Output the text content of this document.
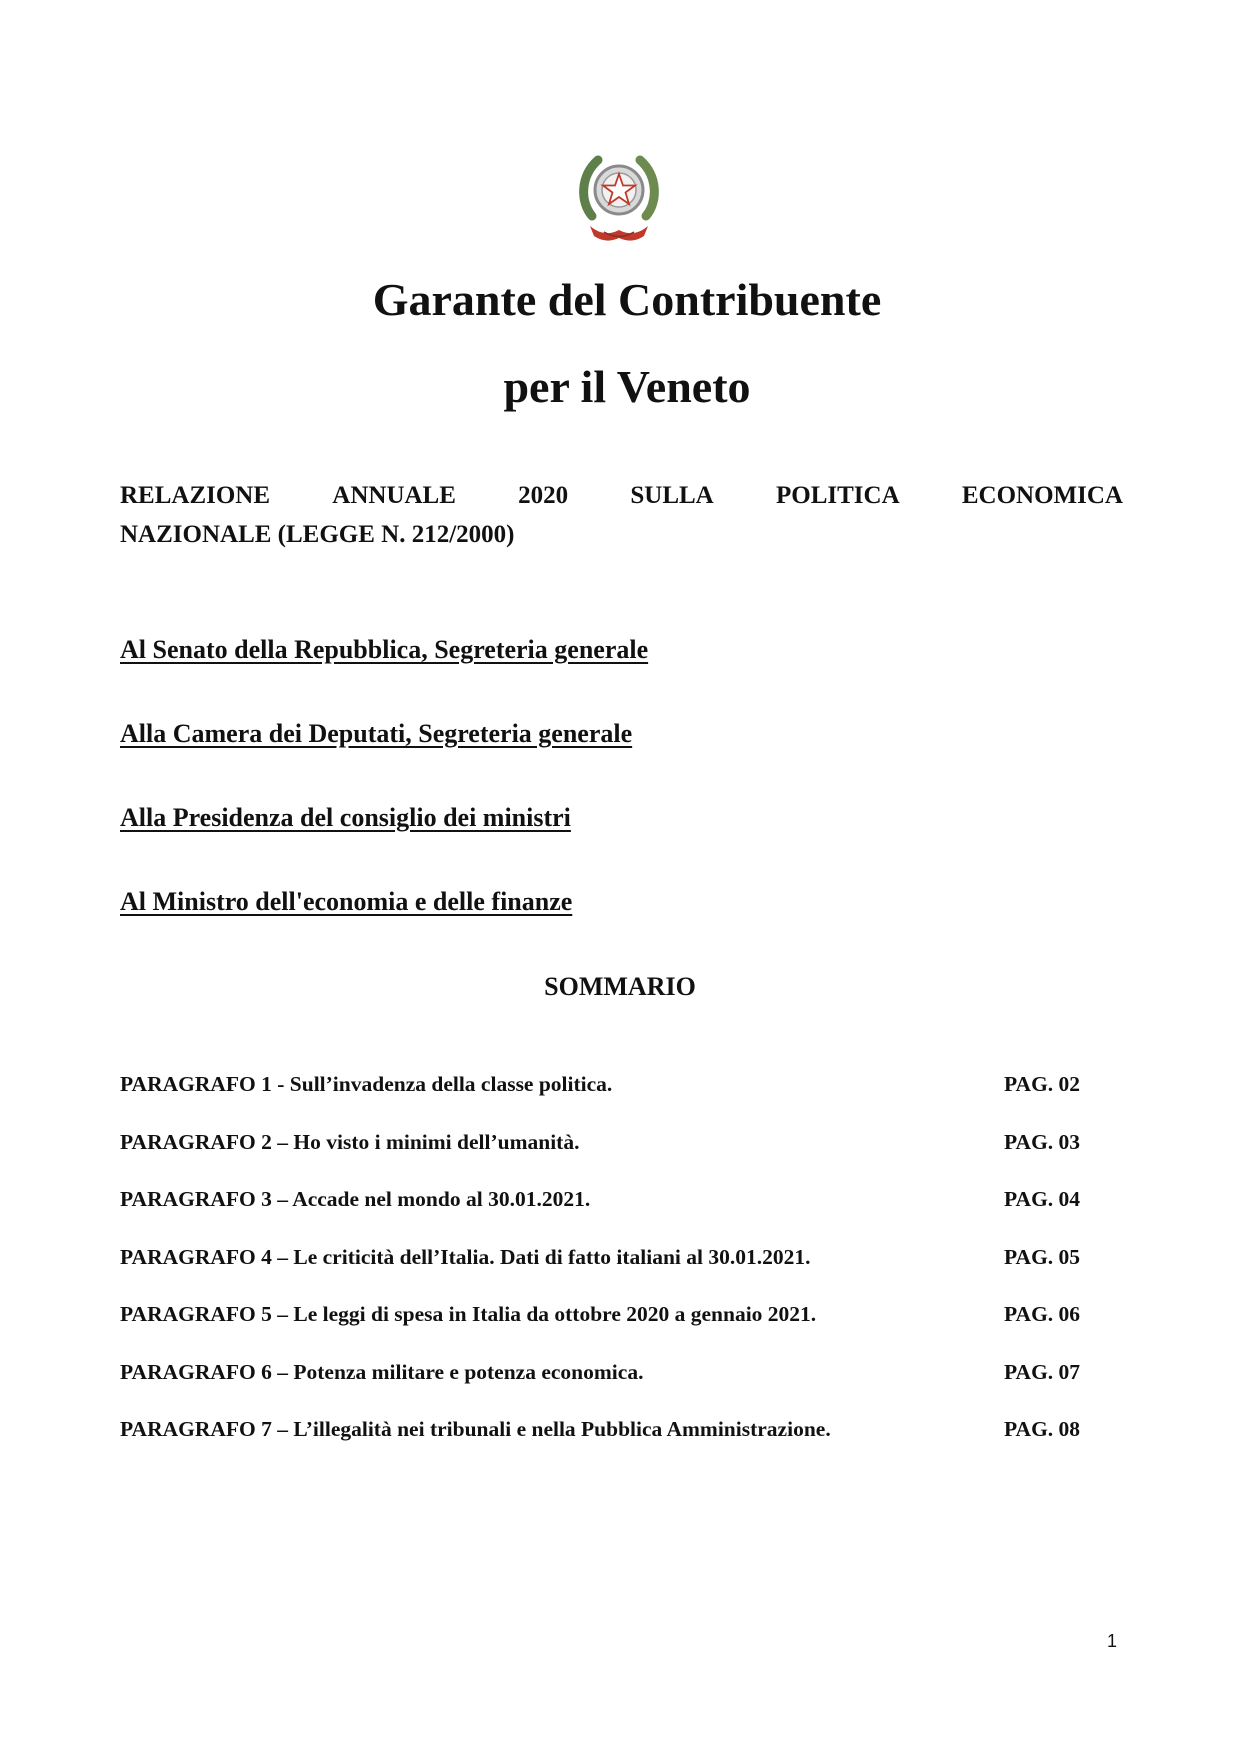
Garante del Contribuente
per il Veneto
RELAZIONE ANNUALE 2020 SULLA POLITICA ECONOMICA
NAZIONALE (LEGGE N. 212/2000)

Al Senato della Repubblica, Segreteria generale

Alla Camera dei Deputati, Segreteria generale

Alla Presidenza del consiglio dei ministri

Al Ministro dell'economia e delle finanze

SOMMARIO
PARAGRAFO 1 - Sull’invadenza della classe politica.	PAG. 02
PARAGRAFO 2 – Ho visto i minimi dell’umanità.	PAG. 03
PARAGRAFO 3 – Accade nel mondo al 30.01.2021.	PAG. 04
PARAGRAFO 4 – Le criticità dell’Italia. Dati di fatto italiani al 30.01.2021.	PAG. 05
PARAGRAFO 5 – Le leggi di spesa in Italia da ottobre 2020 a gennaio 2021.	PAG. 06
PARAGRAFO 6 – Potenza militare e potenza economica.	PAG. 07
PARAGRAFO 7 – L’illegalità nei tribunali e nella Pubblica Amministrazione.	PAG. 08

1
